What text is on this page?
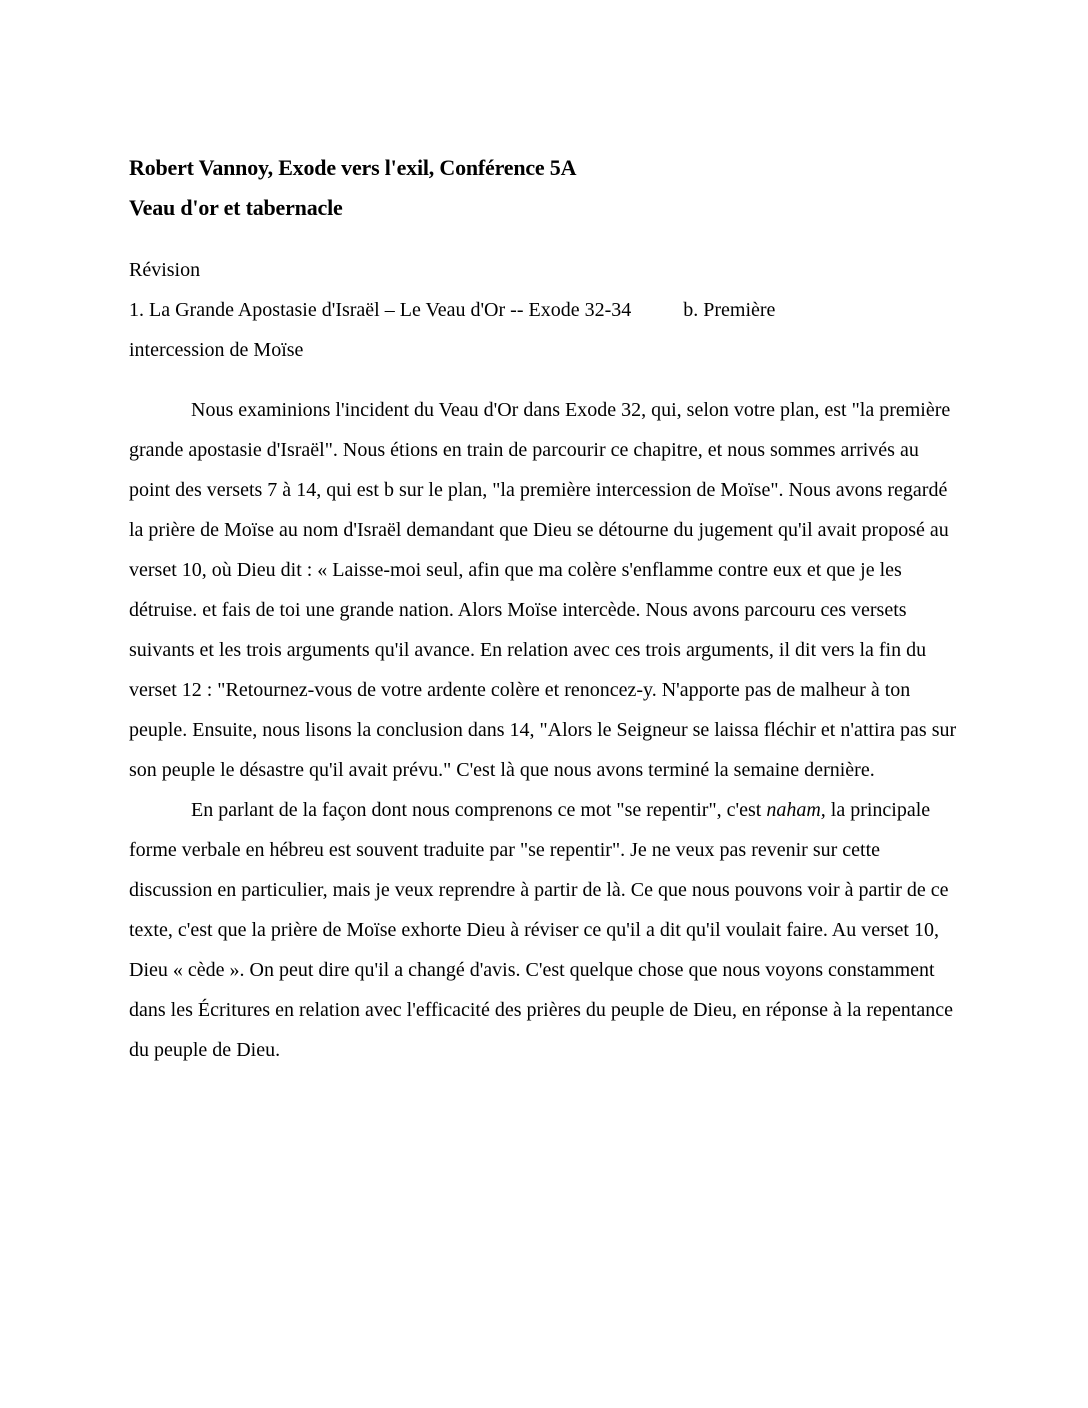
Robert Vannoy, Exode vers l'exil, Conférence 5A

Veau d'or et tabernacle

Révision

1. La Grande Apostasie d'Israël – Le Veau d'Or -- Exode 32-34	b. Première
intercession de Moïse

Nous examinions l'incident du Veau d'Or dans Exode 32, qui, selon votre plan, est "la première grande apostasie d'Israël". Nous étions en train de parcourir ce chapitre, et nous sommes arrivés au point des versets 7 à 14, qui est b sur le plan, "la première intercession de Moïse". Nous avons regardé la prière de Moïse au nom d'Israël demandant que Dieu se détourne du jugement qu'il avait proposé au verset 10, où Dieu dit : « Laisse-moi seul, afin que ma colère s'enflamme contre eux et que je les détruise. et fais de toi une grande nation. Alors Moïse intercède. Nous avons parcouru ces versets suivants et les trois arguments qu'il avance. En relation avec ces trois arguments, il dit vers la fin du verset 12 : "Retournez-vous de votre ardente colère et renoncez-y. N'apporte pas de malheur à ton peuple. Ensuite, nous lisons la conclusion dans 14, "Alors le Seigneur se laissa fléchir et n'attira pas sur son peuple le désastre qu'il avait prévu." C'est là que nous avons terminé la semaine dernière.

En parlant de la façon dont nous comprenons ce mot "se repentir", c'est naham, la principale forme verbale en hébreu est souvent traduite par "se repentir". Je ne veux pas revenir sur cette discussion en particulier, mais je veux reprendre à partir de là. Ce que nous pouvons voir à partir de ce texte, c'est que la prière de Moïse exhorte Dieu à réviser ce qu'il a dit qu'il voulait faire. Au verset 10, Dieu « cède ». On peut dire qu'il a changé d'avis. C'est quelque chose que nous voyons constamment dans les Écritures en relation avec l'efficacité des prières du peuple de Dieu, en réponse à la repentance du peuple de Dieu.
